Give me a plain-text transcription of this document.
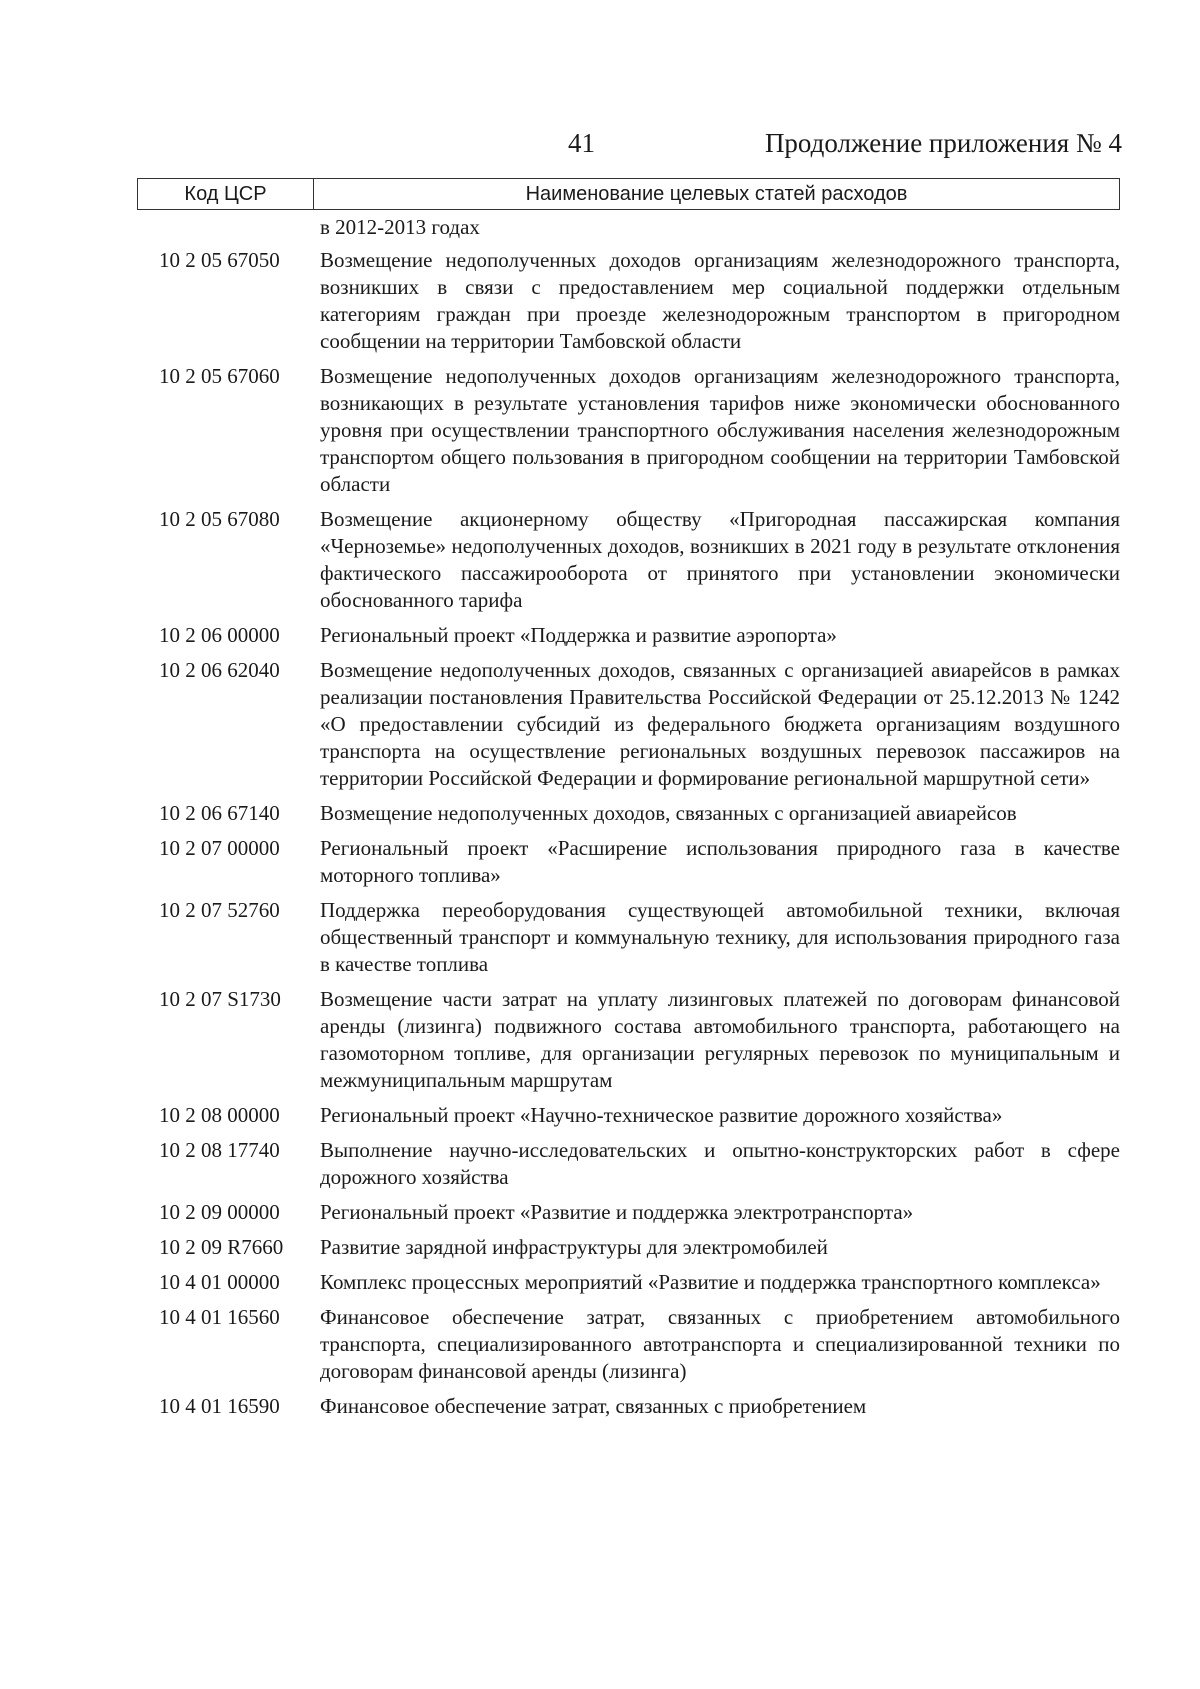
41	Продолжение приложения № 4
Код ЦСР	Наименование целевых статей расходов
в 2012-2013 годах
10 2 05 67050	Возмещение недополученных доходов организациям железнодорожного транспорта, возникших в связи с предоставлением мер социальной поддержки отдельным категориям граждан при проезде железнодорожным транспортом в пригородном сообщении на территории Тамбовской области
10 2 05 67060	Возмещение недополученных доходов организациям железнодорожного транспорта, возникающих в результате установления тарифов ниже экономически обоснованного уровня при осуществлении транспортного обслуживания населения железнодорожным транспортом общего пользования в пригородном сообщении на территории Тамбовской области
10 2 05 67080	Возмещение акционерному обществу «Пригородная пассажирская компания «Черноземье» недополученных доходов, возникших в 2021 году в результате отклонения фактического пассажирооборота от принятого при установлении экономически обоснованного тарифа
10 2 06 00000	Региональный проект «Поддержка и развитие аэропорта»
10 2 06 62040	Возмещение недополученных доходов, связанных с организацией авиарейсов в рамках реализации постановления Правительства Российской Федерации от 25.12.2013 № 1242 «О предоставлении субсидий из федерального бюджета организациям воздушного транспорта на осуществление региональных воздушных перевозок пассажиров на территории Российской Федерации и формирование региональной маршрутной сети»
10 2 06 67140	Возмещение недополученных доходов, связанных с организацией авиарейсов
10 2 07 00000	Региональный проект «Расширение использования природного газа в качестве моторного топлива»
10 2 07 52760	Поддержка переоборудования существующей автомобильной техники, включая общественный транспорт и коммунальную технику, для использования природного газа в качестве топлива
10 2 07 S1730	Возмещение части затрат на уплату лизинговых платежей по договорам финансовой аренды (лизинга) подвижного состава автомобильного транспорта, работающего на газомоторном топливе, для организации регулярных перевозок по муниципальным и межмуниципальным маршрутам
10 2 08 00000	Региональный проект «Научно-техническое развитие дорожного хозяйства»
10 2 08 17740	Выполнение научно-исследовательских и опытно-конструкторских работ в сфере дорожного хозяйства
10 2 09 00000	Региональный проект «Развитие и поддержка электротранспорта»
10 2 09 R7660	Развитие зарядной инфраструктуры для электромобилей
10 4 01 00000	Комплекс процессных мероприятий «Развитие и поддержка транспортного комплекса»
10 4 01 16560	Финансовое обеспечение затрат, связанных с приобретением автомобильного транспорта, специализированного автотранспорта и специализированной техники по договорам финансовой аренды (лизинга)
10 4 01 16590	Финансовое обеспечение затрат, связанных с приобретением
